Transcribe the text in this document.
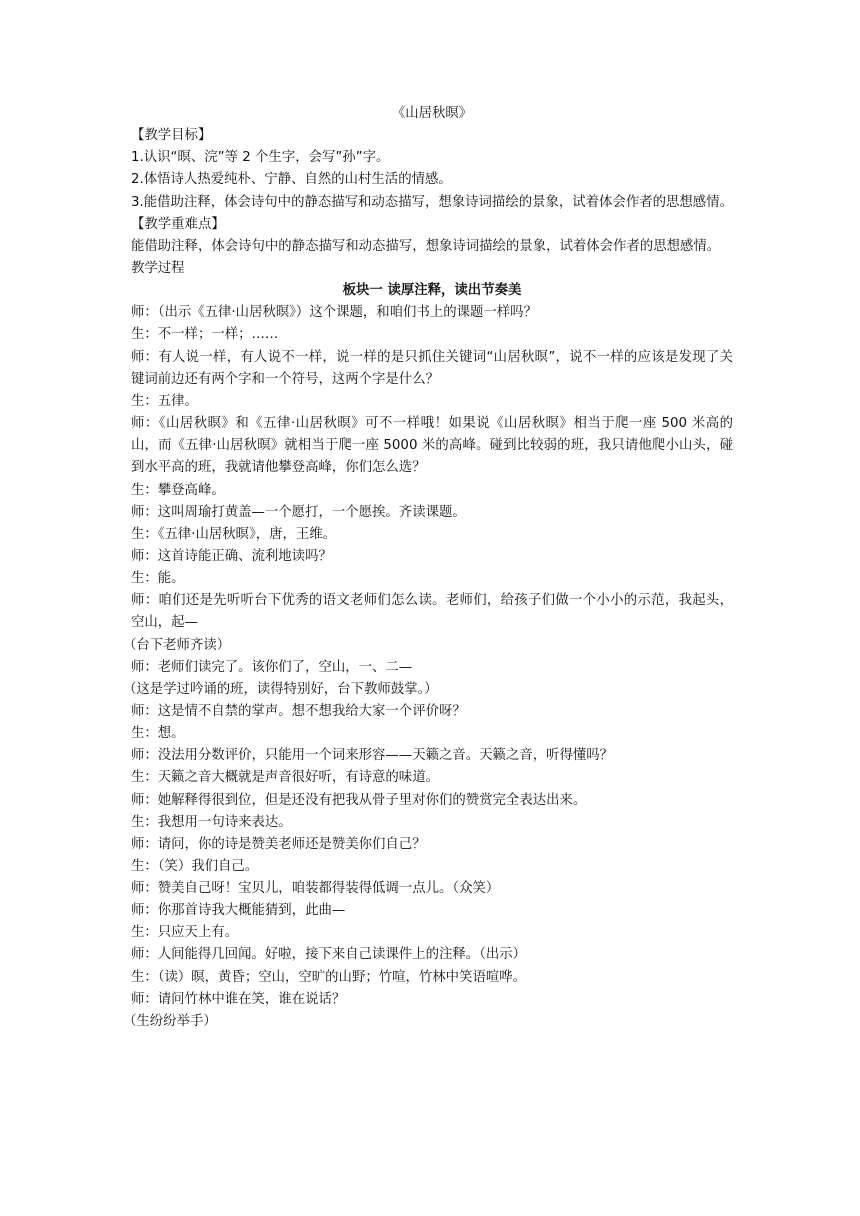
《山居秋暝》
【教学目标】
1.认识“暝、浣”等 2 个生字，会写”孙”字。
2.体悟诗人热爱纯朴、宁静、自然的山村生活的情感。
3.能借助注释，体会诗句中的静态描写和动态描写，想象诗词描绘的景象，试着体会作者的思想感情。
【教学重难点】
能借助注释，体会诗句中的静态描写和动态描写，想象诗词描绘的景象，试着体会作者的思想感情。
教学过程
板块一 读厚注释，读出节奏美
师：（出示《五律·山居秋暝》）这个课题，和咱们书上的课题一样吗？
生：不一样；一样；……
师：有人说一样，有人说不一样，说一样的是只抓住关键词“山居秋暝”，说不一样的应该是发现了关键词前边还有两个字和一个符号，这两个字是什么？
生：五律。
师：《山居秋暝》和《五律·山居秋暝》可不一样哦！如果说《山居秋暝》相当于爬一座 500 米高的山，而《五律·山居秋暝》就相当于爬一座 5000 米的高峰。碰到比较弱的班，我只请他爬小山头，碰到水平高的班，我就请他攀登高峰，你们怎么选？
生：攀登高峰。
师：这叫周瑜打黄盖—一个愿打，一个愿挨。齐读课题。
生：《五律·山居秋暝》，唐，王维。
师：这首诗能正确、流利地读吗？
生：能。
师：咱们还是先听听台下优秀的语文老师们怎么读。老师们，给孩子们做一个小小的示范，我起头，空山，起—
（台下老师齐读）
师：老师们读完了。该你们了，空山，一、二—
（这是学过吟诵的班，读得特别好，台下教师鼓掌。）
师：这是情不自禁的掌声。想不想我给大家一个评价呀？
生：想。
师：没法用分数评价，只能用一个词来形容——天籁之音。天籁之音，听得懂吗？
生：天籁之音大概就是声音很好听，有诗意的味道。
师：她解释得很到位，但是还没有把我从骨子里对你们的赞赏完全表达出来。
生：我想用一句诗来表达。
师：请问，你的诗是赞美老师还是赞美你们自己？
生：（笑）我们自己。
师：赞美自己呀！宝贝儿，咱装都得装得低调一点儿。（众笑）
师：你那首诗我大概能猜到，此曲—
生：只应天上有。
师：人间能得几回闻。好啦，接下来自己读课件上的注释。（出示）
生：（读）暝，黄昏；空山，空旷的山野；竹喧，竹林中笑语喧哗。
师：请问竹林中谁在笑，谁在说话？
（生纷纷举手）
